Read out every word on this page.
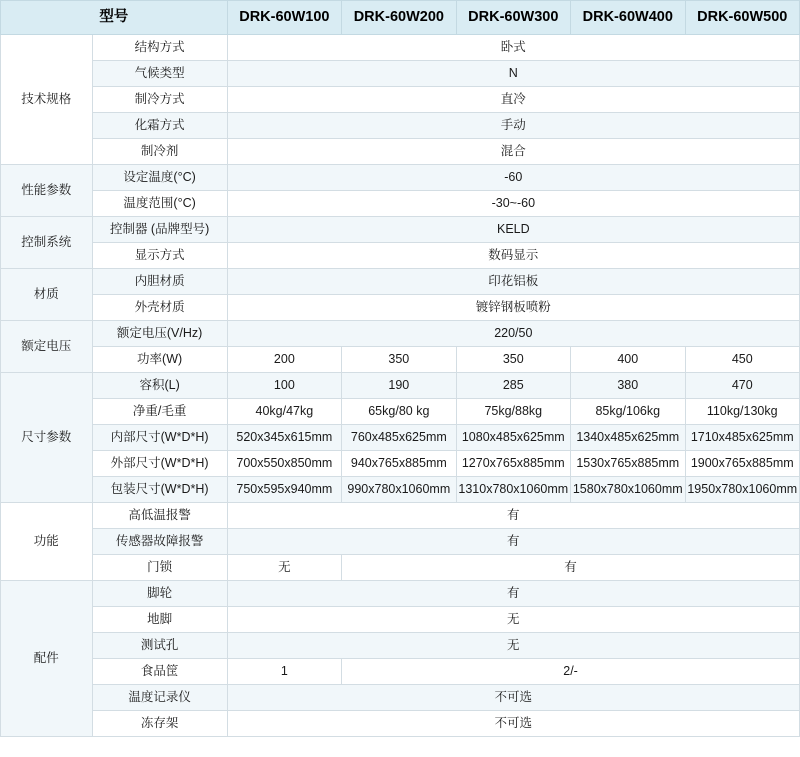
型号		DRK-60W100	DRK-60W200	DRK-60W300	DRK-60W400	DRK-60W500
技术规格	结构方式	卧式				
	气候类型	N				
	制冷方式	直冷				
	化霜方式	手动				
	制冷剂	混合				
性能参数	设定温度(°C)	-60				
	温度范围(°C)	-30~-60				
控制系统	控制器 (品牌型号)	KELD				
	显示方式	数码显示				
材质	内胆材质	印花铝板				
	外壳材质	镀锌钢板喷粉				
额定电压	额定电压(V/Hz)	220/50				
	功率(W)	200	350	350	400	450
尺寸参数	容积(L)	100	190	285	380	470
	净重/毛重	40kg/47kg	65kg/80 kg	75kg/88kg	85kg/106kg	110kg/130kg
	内部尺寸(W*D*H)	520x345x615mm	760x485x625mm	1080x485x625mm	1340x485x625mm	1710x485x625mm
	外部尺寸(W*D*H)	700x550x850mm	940x765x885mm	1270x765x885mm	1530x765x885mm	1900x765x885mm
	包装尺寸(W*D*H)	750x595x940mm	990x780x1060mm	1310x780x1060mm	1580x780x1060mm	1950x780x1060mm
功能	高低温报警	有				
	传感器故障报警	有				
	门锁	无	有			
配件	脚轮	有				
	地脚	无				
	测试孔	无				
	食品筐	1	2/-			
	温度记录仪	不可选				
	冻存架	不可选				
